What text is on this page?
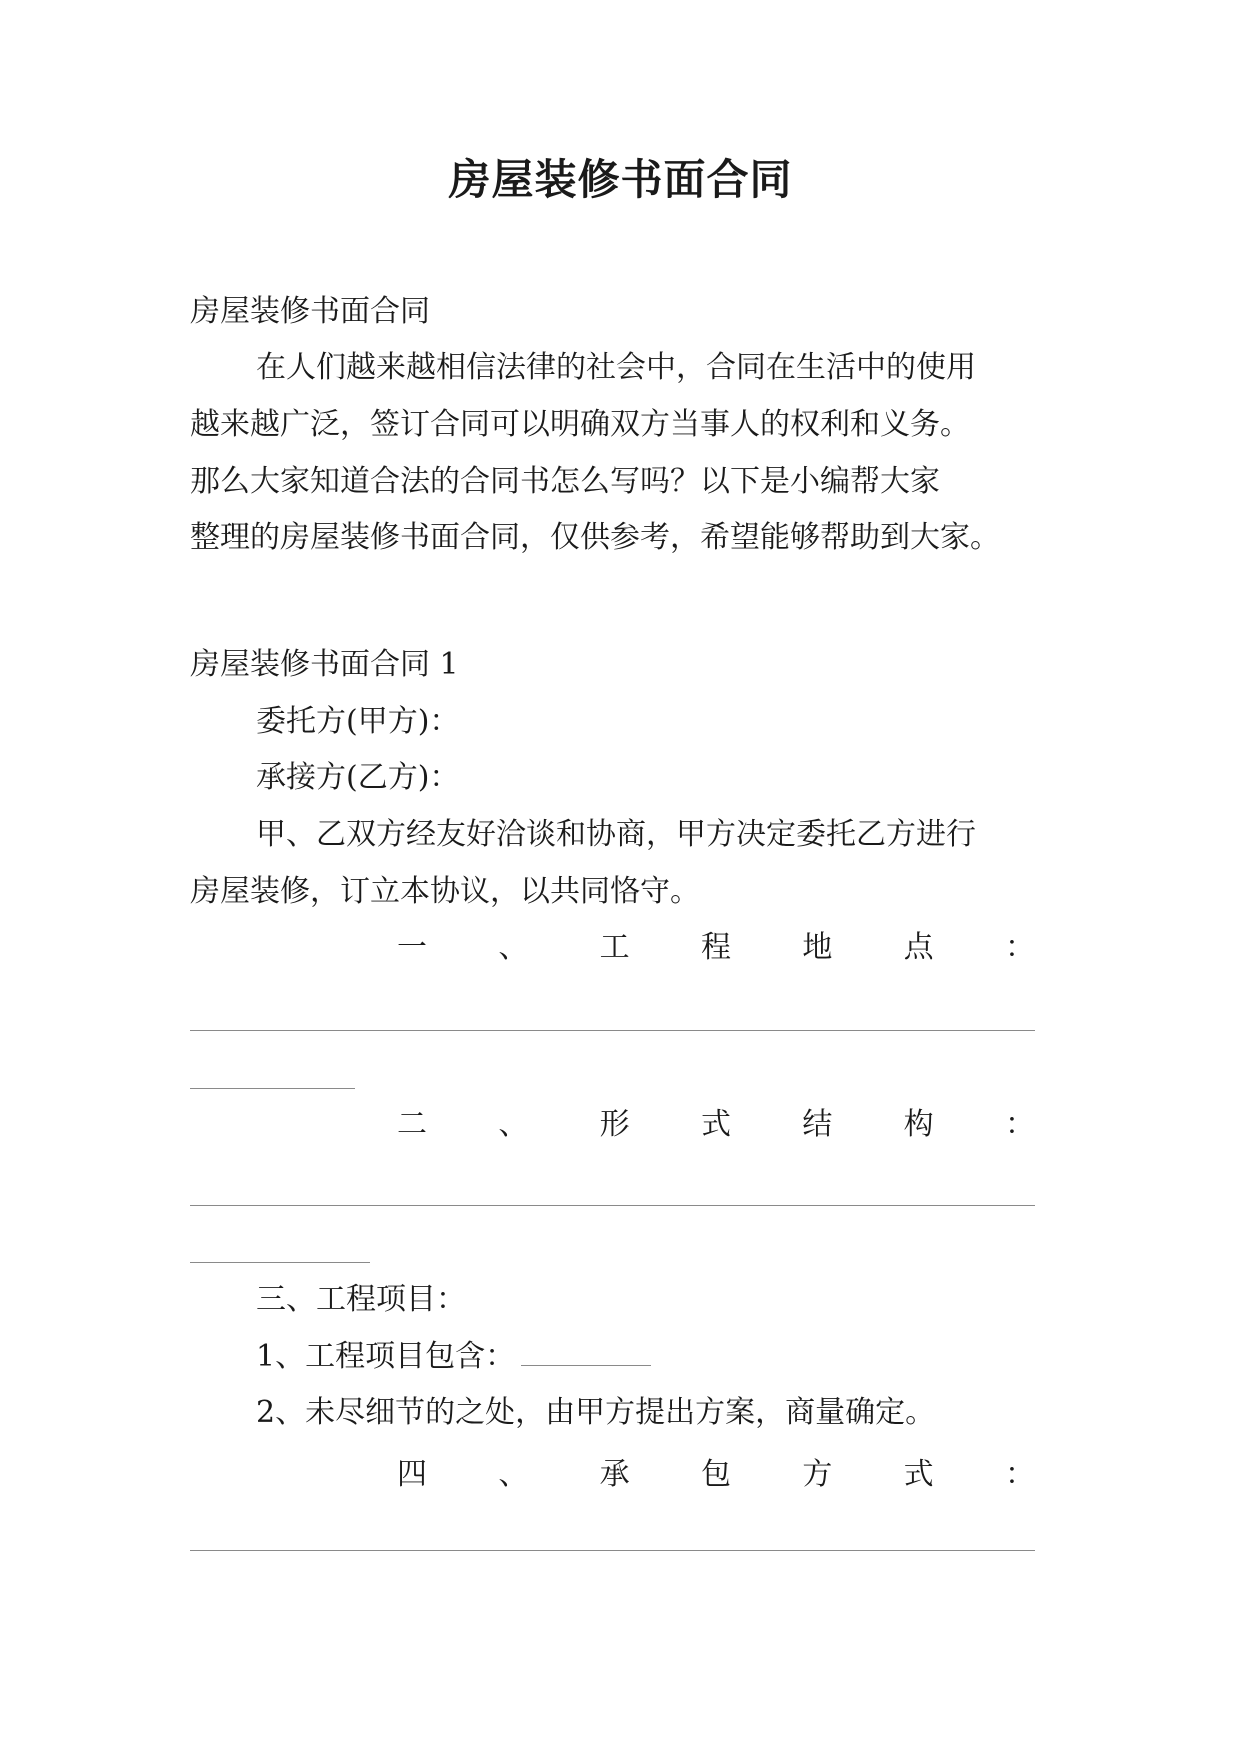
房屋装修书面合同
房屋装修书面合同
在人们越来越相信法律的社会中，合同在生活中的使用
越来越广泛，签订合同可以明确双方当事人的权利和义务。
那么大家知道合法的合同书怎么写吗？以下是小编帮大家
整理的房屋装修书面合同，仅供参考，希望能够帮助到大家。
房屋装修书面合同 1
委托方(甲方)：
承接方(乙方)：
甲、乙双方经友好洽谈和协商，甲方决定委托乙方进行
房屋装修，订立本协议，以共同恪守。
一 、 工 程 地 点 ：
二 、 形 式 结 构 ：
三、工程项目：
1、工程项目包含：
2、未尽细节的之处，由甲方提出方案，商量确定。
四 、 承 包 方 式 ：
